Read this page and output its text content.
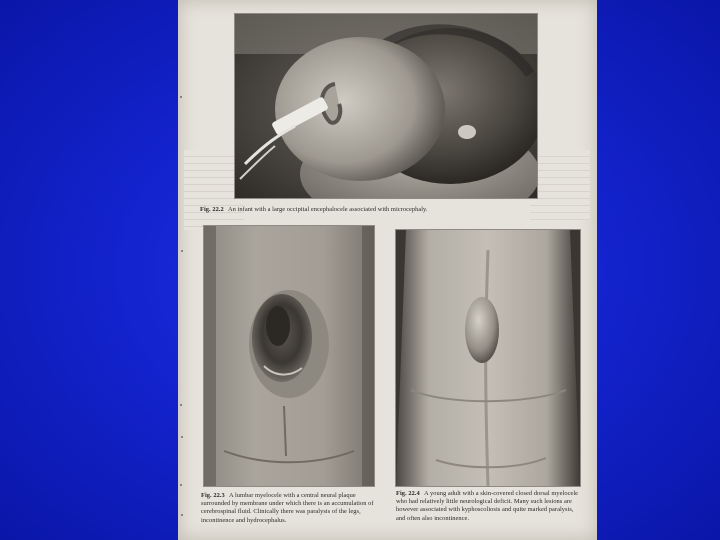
Fig. 22.2 An infant with a large occipital encephalocele associated with microcephaly.
Fig. 22.3 A lumbar myelocele with a central neural plaque surrounded by membrane under which there is an accumulation of cerebrospinal fluid. Clinically there was paralysis of the legs, incontinence and hydrocephalus.
Fig. 22.4 A young adult with a skin-covered closed dorsal myelocele who had relatively little neurological deficit. Many such lesions are however associated with kyphoscoliosis and quite marked paralysis, and often also incontinence.
